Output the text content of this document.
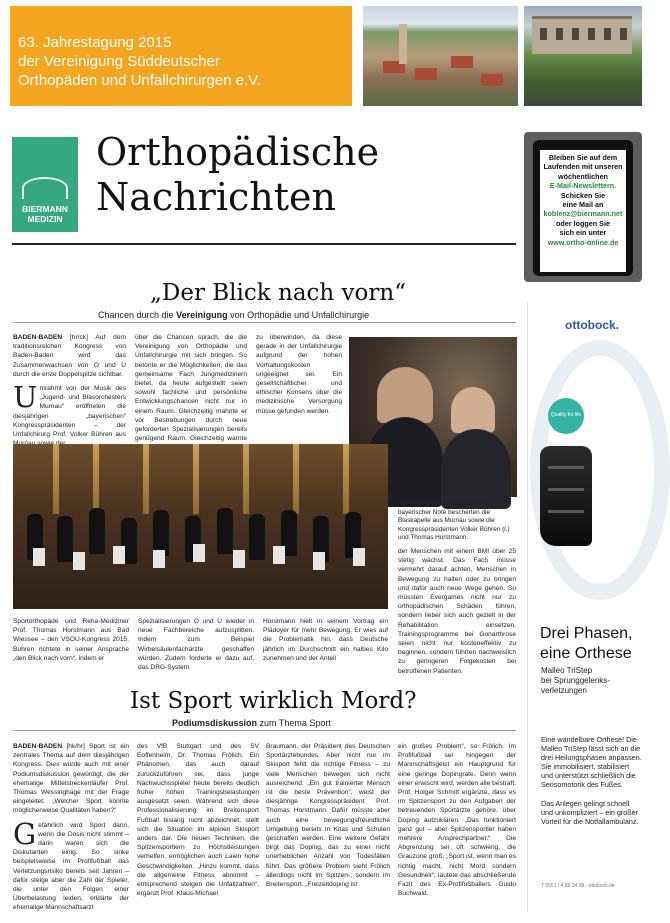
63. Jahrestagung 2015
der Vereinigung Süddeutscher
Orthopäden und Unfallchirurgen e.V.
BIERMANN
MEDIZIN
Orthopädische
Nachrichten
Bleiben Sie auf dem
Laufenden mit unseren
wöchentlichen
E-Mail-Newslettern.
Schicken Sie
eine Mail an
koblenz@biermann.net
oder loggen Sie
sich ein unter
www.ortho-online.de
ottobock.
Quality for life
Drei Phasen,
eine Orthese
Malleo TriStep
bei Sprunggelenks-
verletzungen

Eine wandelbare Orthese! Die Malleo TriStep lässt sich an die drei Heilungsphasen anpassen. Sie immobilisiert, stabilisiert und unterstützt schließlich die Sensomotorik des Fußes.

Das Anlegen gelingt schnell und unkompliziert – ein großer Vorteil für die Notfallambulanz.

T 0551 / 4 89 34 99 · ottobock.de
„Der Blick nach vorn“
Chancen durch die Vereinigung von Orthopädie und Unfallchirurgie

BADEN-BADEN [hr/ck] Auf dem traditionsreichen Kongress von Baden-Baden wird das Zusammenwachsen von O und U durch die erste Doppelspitze sichtbar.

Umrahmt von der Musik des „Jugend- und Blasorchesters Murnau“ eröffneten die diesjährigen „bayerischen“ Kongresspräsidenten – der Unfallchirurg Prof. Volker Bühren aus

über die Chancen sprach, die die Vereinigung von Orthopädie und Unfallchirurgie mit sich bringen. So betonte er die Möglichkeiten, die das gemeinsame Fach Jungmedizinern bietet, da heute aufgestellt seien sowohl fachliche und persönliche Entwicklungschancen nicht nur in einem Raum. Gleichzeitig mahnte er vor Bestrebungen durch neue geforderten Spezialisierungen bereits genügend Raum. Gleichzeitig warnte
zu überwinden, da diese gerade in der Unfallchirurgie aufgrund der hohen Vorhaltungskosten ungeeignet sei. Ein gesellschaftlicher und ethischer Konsens über die medizinische Versorgung müsse gefunden werden.
Ein stimmungsvollen Auftakt mit bayerischer Note bescherten die Blaskapelle aus Murnau sowie die Kongresspräsidenten Volker Bühren (l.) und Thomas Horstmann.
Sportorthopäde und Reha-Mediziner Prof. Thomas Horstmann aus Bad Wiessee – den VSOU-Kongress 2015. Bühren richtete in seiner Ansprache „den Blick nach vorn“, indem er
Spezialisierungen O und U wieder in neue Fachbereiche aufzusplitten. Indem zum Beispiel Wirbelsäulenfachärzte geschaffen würden. Zudem forderte er dazu auf, das DRG-System
Horstmann hielt in seinem Vortrag ein Plädoyer für mehr Bewegung. Er wies auf die Problematik hin, dass Deutsche jährlich im Durchschnitt ein halbes Kilo zunehmen und der Anteil
der Menschen mit einem BMI über 25 stetig wächst. Das Fach müsse vermehrt darauf achten, Menschen in Bewegung zu halten oder zu bringen und dafür auch neue Wege gehen. So müssten Evergames nicht nur zu orthopädischen Schäden führen, sondern lieber sich auch gezielt in der Rehabilitation einsetzen. Trainingsprogramme bei Gonarthrose seien nicht nur kosteneffektiv zu beginnen, sondern führten nachweislich zu geringeren Folgekosten bei betroffenen Patienten.
Ist Sport wirklich Mord?
Podiumsdiskussion zum Thema Sport

BADEN-BADEN [hk/hr] Sport ist ein zentrales Thema auf dem diesjährigen Kongress. Dies wurde auch mit einer Podiumsdiskussion gewürdigt, die der ehemalige Mittelstreckenläufer Prof. Thomas Wessinghage mit der Frage eingeleitet: „Welcher Sport könnte möglicherweise Qualitäten haben?“

Gefährlich wird Sport dann, wenn die Dosis nicht stimmt – darin waren sich die Diskutanten einig. So sinke beispielsweise im Profifußball das Verletzungsrisiko bereits seit Jahren – dafür steige aber die Zahl der Spieler, die unter den Folgen einer Überbelastung leiden, erklärte der ehemalige Mannschaftsarzt

des VfB Stuttgart und des SV Eoffenheim, Dr. Thomas Frölich. Ein Phänomen, das auch darauf zurückzuführen sei, dass junge Nachwuchsspieler heute bereits deutlich früher hohen Trainingsbelastungen ausgesetzt seien. Während sich diese Professionalisierung im Breitensport Fußball bislang nicht abzeichnet, stellt sich die Situation im alpinen Skisport anders dar. Die neuen Techniken, die Spitzensportlern zu Höchstleistungen verhelfen, ermöglichen auch Laien hohe Geschwindigkeiten. „Hinzu kommt, dass die allgemeine Fitness abnimmt – entsprechend steigen die Unfallzahlen“, ergänzt Prof. Klaus-Michael
Braumann, der Präsident des Deutschen Sportärztebundes. Aber nicht nur im Skisport fehlt die richtige Fitness – zu viele Menschen bewegen sich nicht ausreichend. „Ein gut trainierter Mensch ist die beste Prävention“, weist der diesjährige Kongresspräsident Prof. Thomas Horstmann. Dafür müsste aber auch eine bewegungsfreundliche Umgebung bereits in Kitas und Schulen geschaffen werden. Eine weitere Gefahr birgt das Doping, das zu einer nicht unerheblichen Anzahl von Todesfällen führt. Das größere Problem sieht Frölich allerdings nicht im Spitzen-, sondern im Breitensport. „Freizeitdoping ist
ein großes Problem“, so Frölich. Im Profifußball sei hingegen der Mannschaftsgeist ein Hauptgrund für eine geringe Dopingrate. Denn wenn einer erwischt wird, werden alle bestraft. Prof. Holger Schmitt ergänzte, dass es im Spitzensport zu den Aufgaben der betreuenden Sportärzte gehöre, über Doping aufzuklären. „Das funktioniert ganz gut – aber Spitzensportler haben mehrere Ansprechpartner.“ Die Abgrenzung sei oft schwierig, die Grauzone groß. „Sport ist, wenn man es richtig macht, nicht Mord sondern Gesundheit“, lautete das abschließende Fazit des Ex-Profifußballers Guido Buchwald.
